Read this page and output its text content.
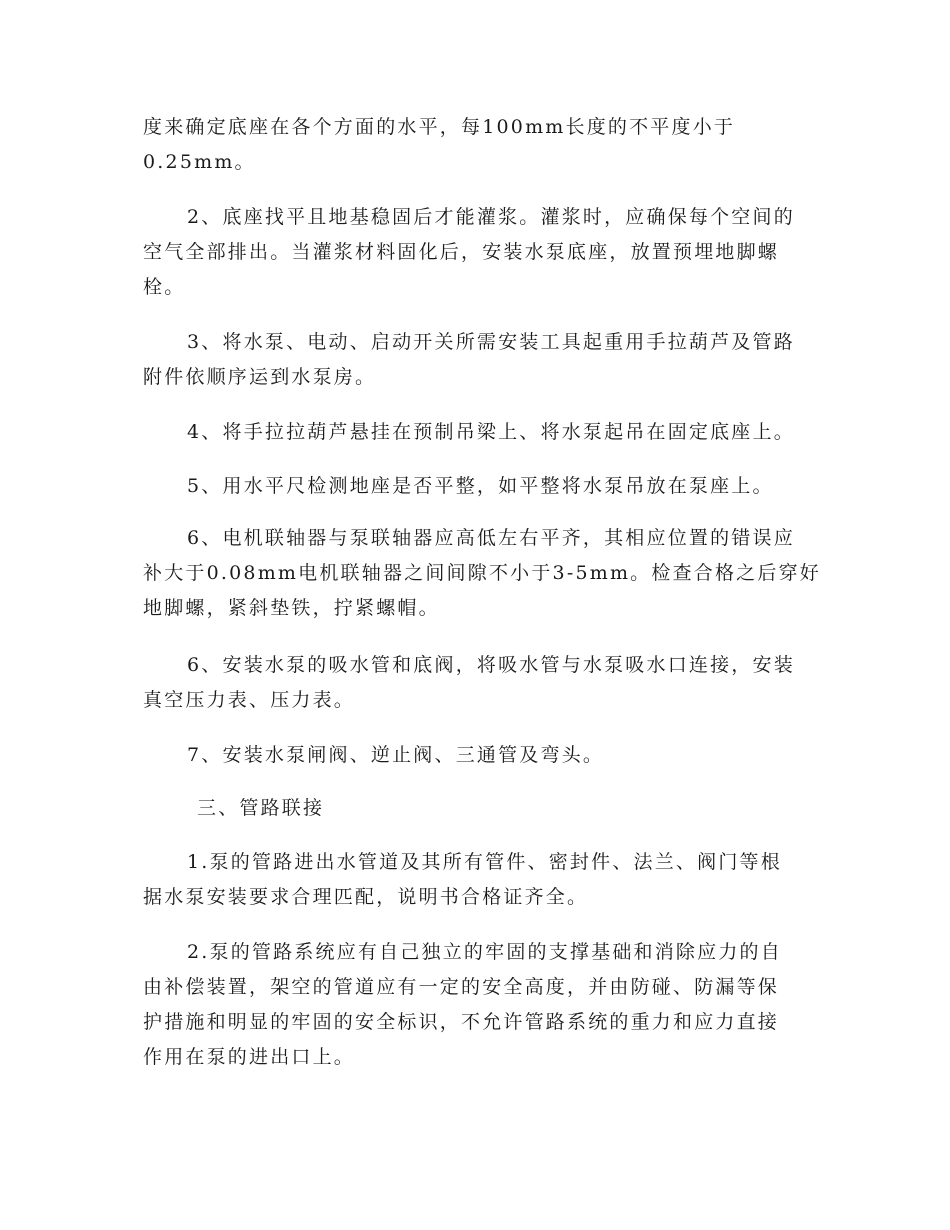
度来确定底座在各个方面的水平，每100mm长度的不平度小于
0.25mm。
2、底座找平且地基稳固后才能灌浆。灌浆时，应确保每个空间的
空气全部排出。当灌浆材料固化后，安装水泵底座，放置预埋地脚螺
栓。
3、将水泵、电动、启动开关所需安装工具起重用手拉葫芦及管路
附件依顺序运到水泵房。
4、将手拉拉葫芦悬挂在预制吊梁上、将水泵起吊在固定底座上。
5、用水平尺检测地座是否平整，如平整将水泵吊放在泵座上。
6、电机联轴器与泵联轴器应高低左右平齐，其相应位置的错误应
补大于0.08mm电机联轴器之间间隙不小于3-5mm。检查合格之后穿好
地脚螺，紧斜垫铁，拧紧螺帽。
6、安装水泵的吸水管和底阀，将吸水管与水泵吸水口连接，安装
真空压力表、压力表。
7、安装水泵闸阀、逆止阀、三通管及弯头。
三、管路联接
1.泵的管路进出水管道及其所有管件、密封件、法兰、阀门等根
据水泵安装要求合理匹配，说明书合格证齐全。
2.泵的管路系统应有自己独立的牢固的支撑基础和消除应力的自
由补偿装置，架空的管道应有一定的安全高度，并由防碰、防漏等保
护措施和明显的牢固的安全标识，不允许管路系统的重力和应力直接
作用在泵的进出口上。
